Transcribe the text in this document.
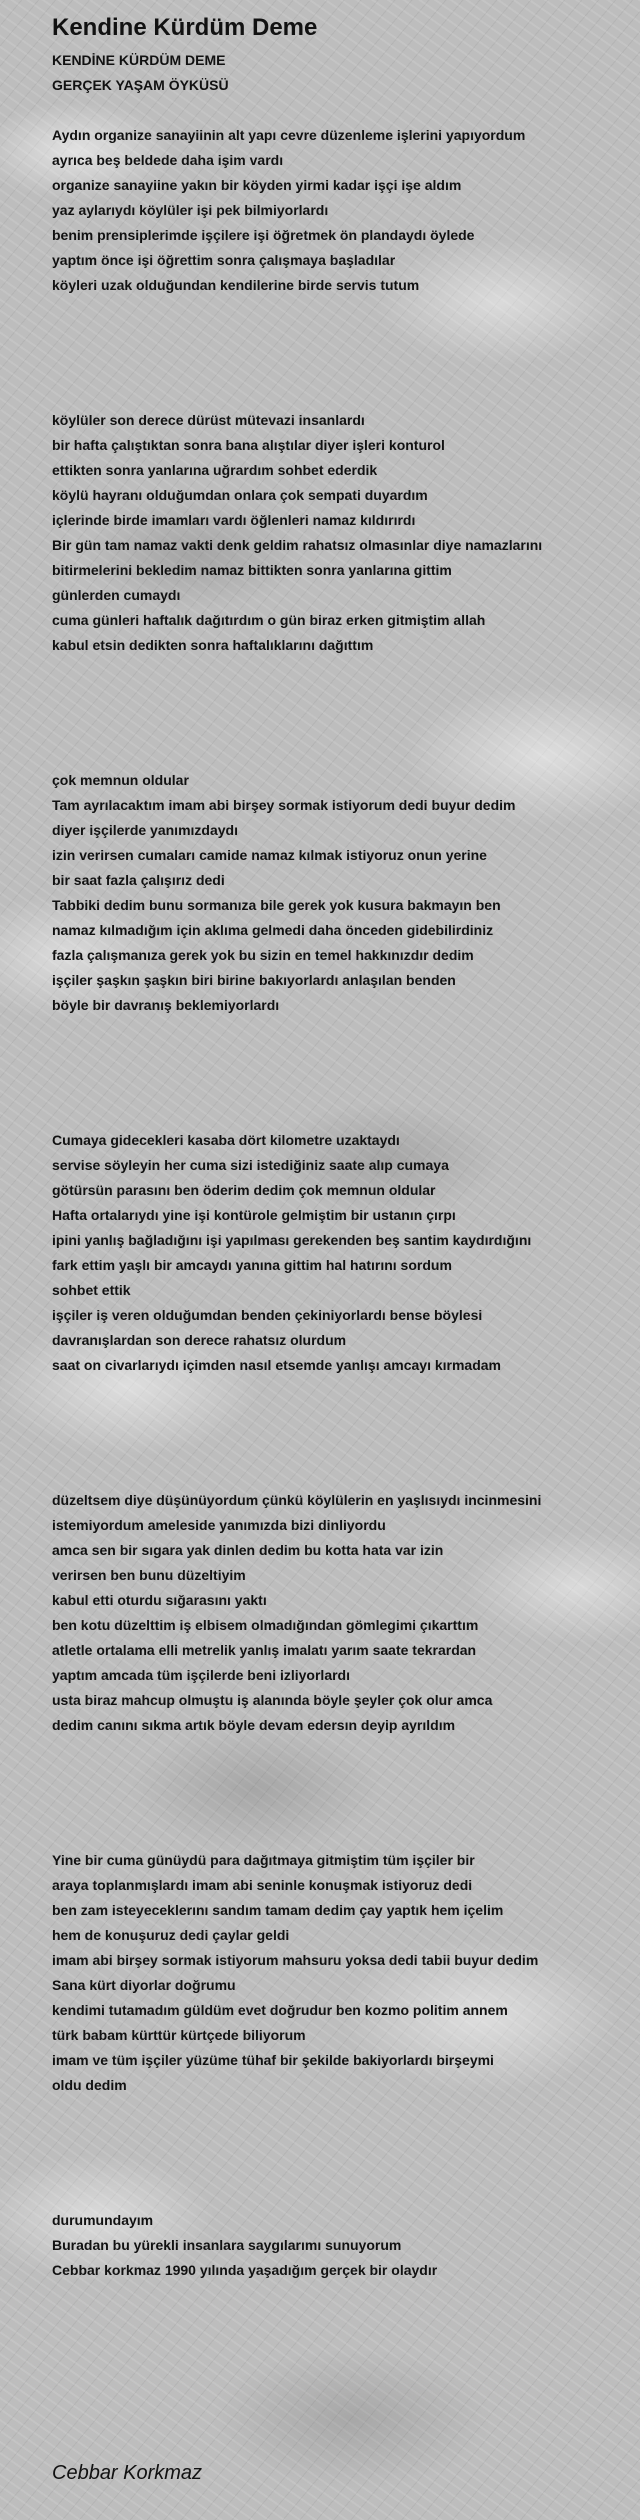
Kendine Kürdüm Deme
KENDİNE KÜRDÜM DEME
GERÇEK YAŞAM ÖYKÜSÜ
Aydın organize sanayiinin alt yapı cevre düzenleme işlerini yapıyordum
ayrıca beş beldede daha işim vardı
organize sanayiine yakın bir köyden yirmi kadar işçi işe aldım
yaz aylarıydı köylüler işi pek bilmiyorlardı
benim prensiplerimde işçilere işi öğretmek ön plandaydı öylede
yaptım önce işi öğrettim sonra çalışmaya başladılar
köyleri uzak olduğundan kendilerine birde servis tutum
köylüler son derece dürüst mütevazi insanlardı
bir hafta çalıştıktan sonra bana alıştılar diyer işleri konturol
ettikten sonra yanlarına uğrardım sohbet ederdik
köylü hayranı olduğumdan onlara çok sempati duyardım
içlerinde birde imamları vardı öğlenleri namaz kıldırırdı
Bir gün tam namaz vakti denk geldim rahatsız olmasınlar diye namazlarını
bitirmelerini bekledim namaz bittikten sonra yanlarına gittim
günlerden cumaydı
cuma günleri haftalık dağıtırdım o gün biraz erken gitmiştim allah
kabul etsin dedikten sonra haftalıklarını dağıttım
çok memnun oldular
Tam ayrılacaktım imam abi birşey sormak istiyorum dedi buyur dedim
diyer işçilerde yanımızdaydı
izin verirsen cumaları camide namaz kılmak istiyoruz onun yerine
bir saat fazla çalışırız dedi
Tabbiki dedim bunu sormanıza bile gerek yok kusura bakmayın ben
namaz kılmadığım için aklıma gelmedi daha önceden gidebilirdiniz
fazla çalışmanıza gerek yok bu sizin en temel hakkınızdır dedim
işçiler şaşkın şaşkın biri birine bakıyorlardı anlaşılan benden
böyle bir davranış beklemiyorlardı
Cumaya gidecekleri kasaba dört kilometre uzaktaydı
servise söyleyin her cuma sizi istediğiniz saate alıp cumaya
götürsün parasını ben öderim dedim çok memnun oldular
Hafta ortalarıydı yine işi kontürole gelmiştim bir ustanın çırpı
ipini yanlış bağladığını işi yapılması gerekenden beş santim kaydırdığını
fark ettim yaşlı bir amcaydı yanına gittim hal hatırını sordum
sohbet ettik
işçiler iş veren olduğumdan benden çekiniyorlardı bense böylesi
davranışlardan son derece rahatsız olurdum
saat on civarlarıydı içimden nasıl etsemde yanlışı amcayı kırmadam
düzeltsem diye düşünüyordum çünkü köylülerin en yaşlısıydı incinmesini
istemiyordum ameleside yanımızda bizi dinliyordu
amca sen bir sıgara yak dinlen dedim bu kotta hata var izin
verirsen ben bunu düzeltiyim
kabul etti oturdu sığarasını yaktı
ben kotu düzelttim iş elbisem olmadığından gömlegimi çıkarttım
atletle ortalama elli metrelik yanlış imalatı yarım saate tekrardan
yaptım amcada tüm işçilerde beni izliyorlardı
usta biraz mahcup olmuştu iş alanında böyle şeyler çok olur amca
dedim canını sıkma artık böyle devam edersın deyip ayrıldım
Yine bir cuma günüydü para dağıtmaya gitmiştim tüm işçiler bir
araya toplanmışlardı imam abi seninle konuşmak istiyoruz dedi
ben zam isteyeceklerını sandım tamam dedim çay yaptık hem içelim
hem de konuşuruz dedi çaylar geldi
imam abi birşey sormak istiyorum mahsuru yoksa dedi tabii buyur dedim
Sana kürt diyorlar doğrumu
kendimi tutamadım güldüm evet doğrudur ben kozmo politim annem
türk babam kürttür kürtçede biliyorum
imam ve tüm işçiler yüzüme tühaf bir şekilde bakiyorlardı birşeymi
oldu dedim
durumundayım
Buradan bu yürekli insanlara saygılarımı sunuyorum
Cebbar korkmaz 1990 yılında yaşadığım gerçek bir olaydır
Cebbar Korkmaz
